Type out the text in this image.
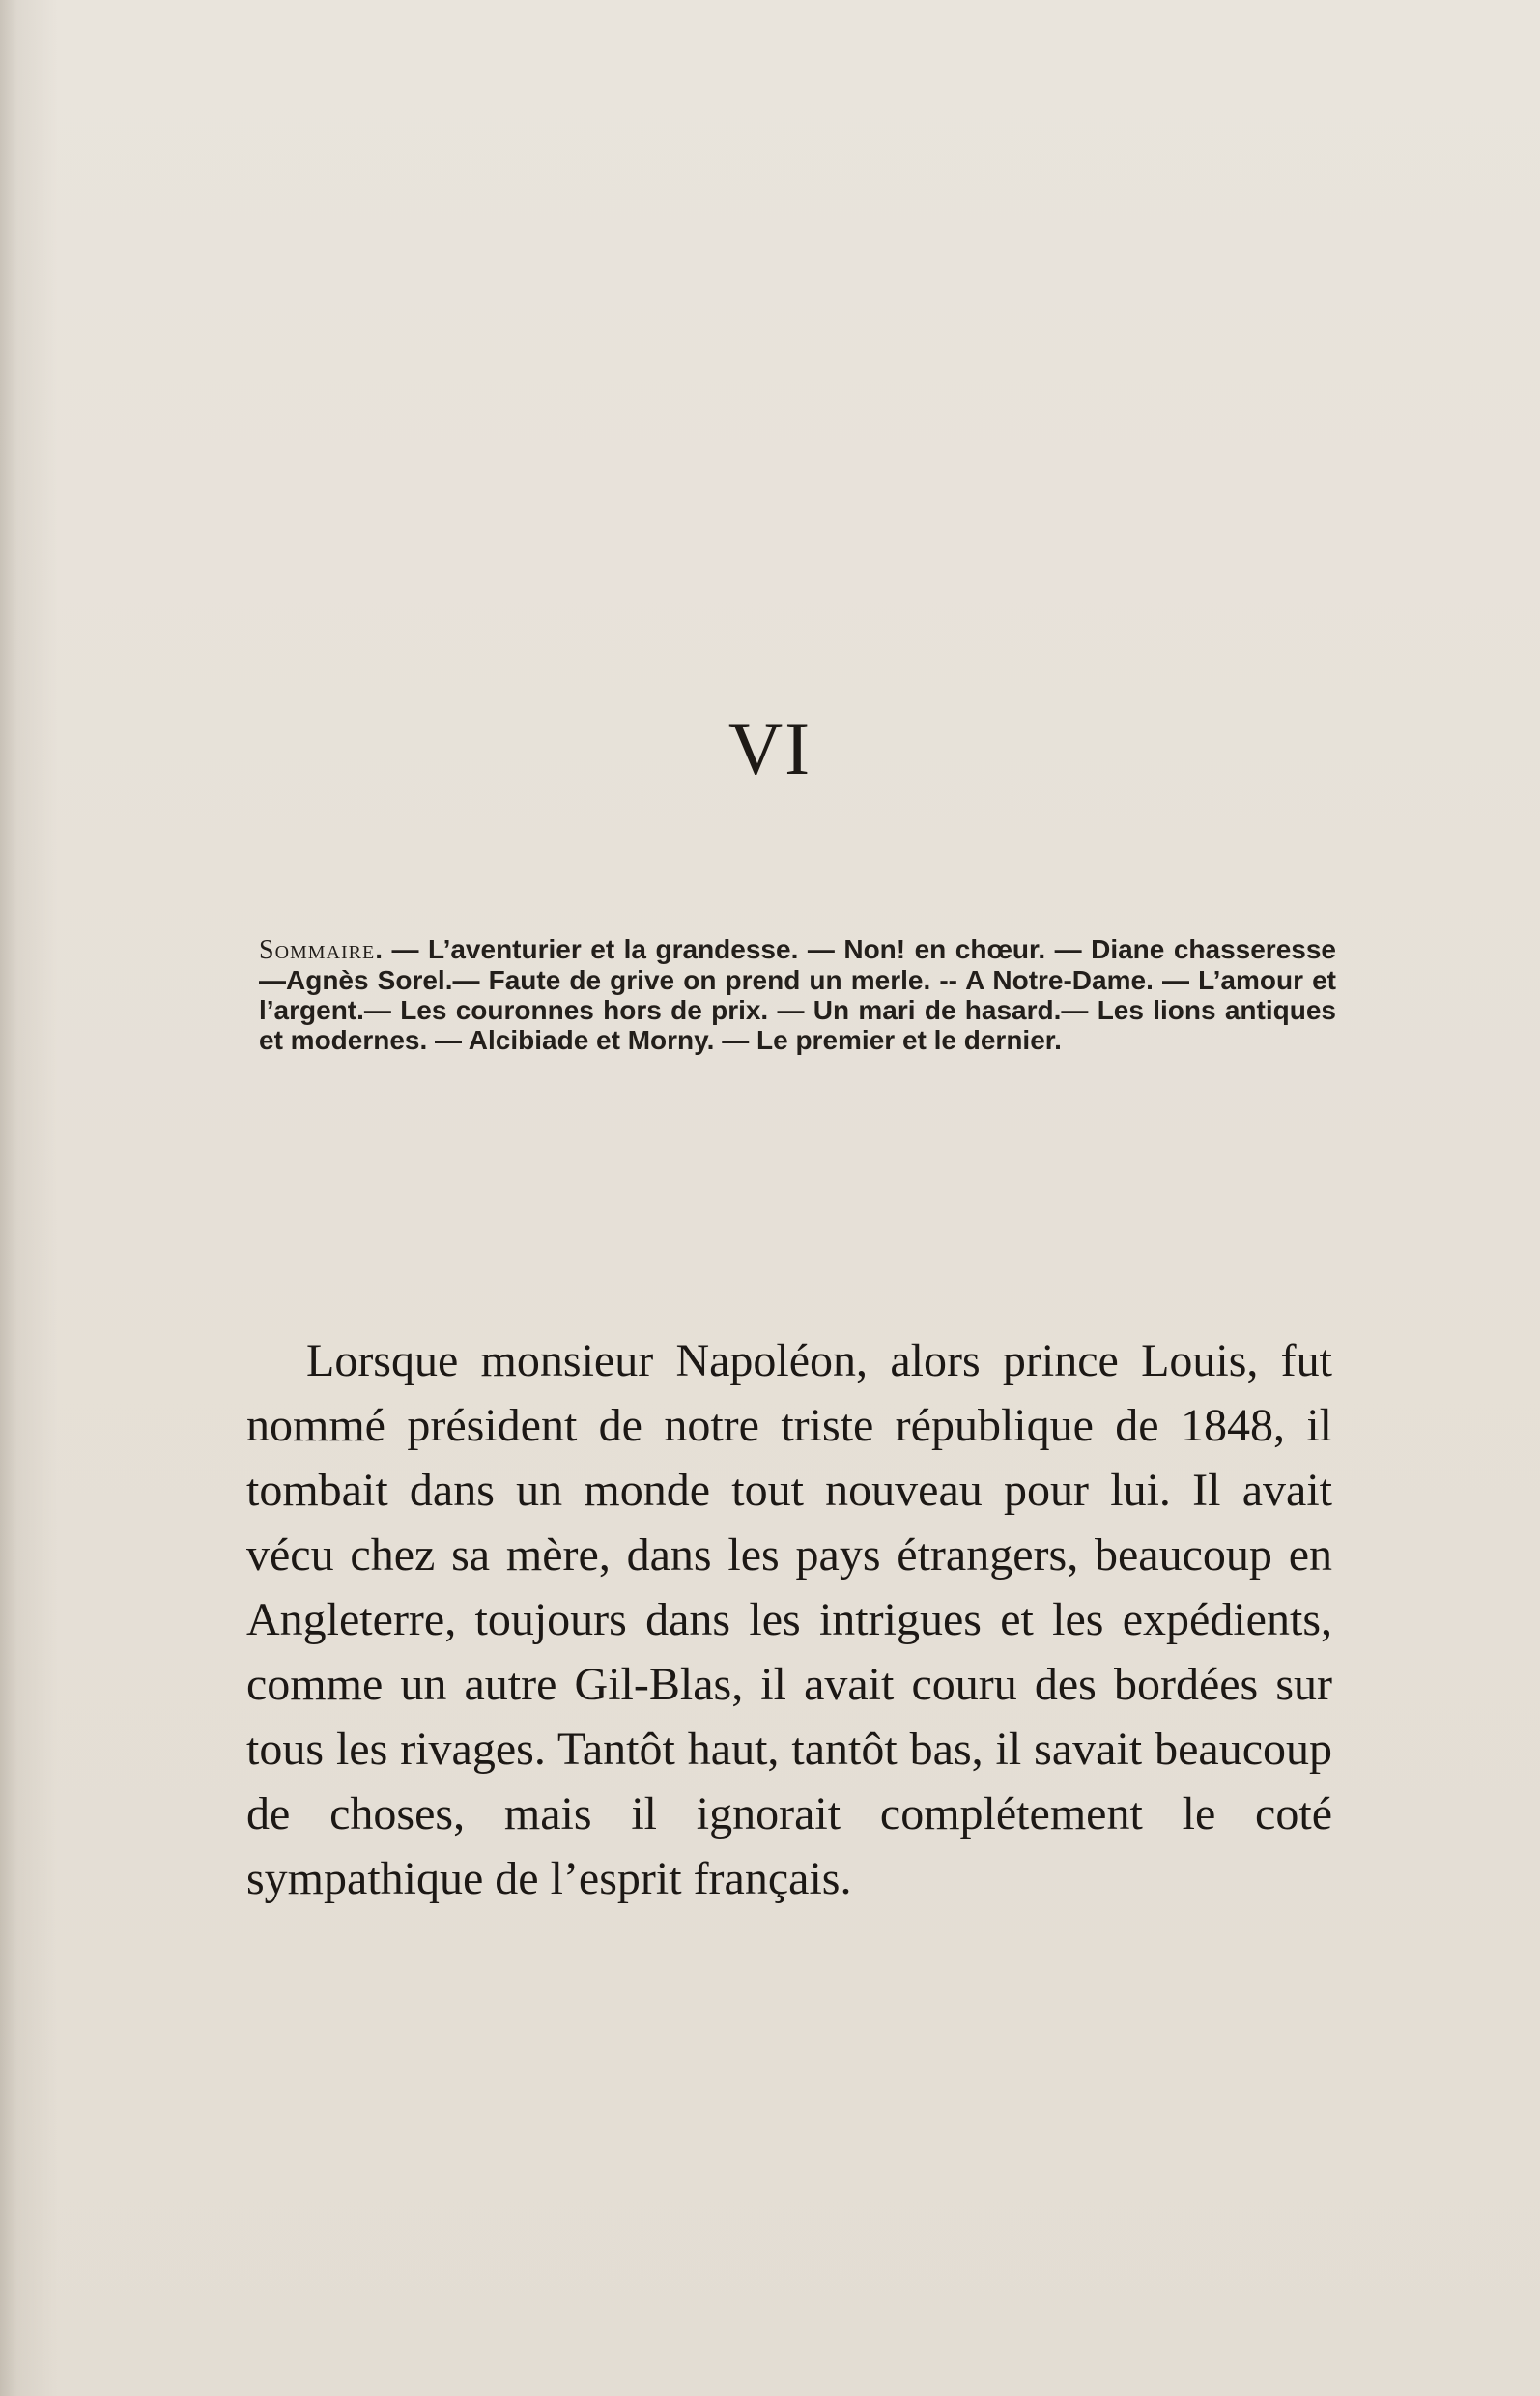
VI
Sommaire. — L’aventurier et la grandesse. — Non! en chœur. — Diane chasseresse —Agnès Sorel.— Faute de grive on prend un merle. -- A Notre-Dame. — L’amour et l’argent.— Les couronnes hors de prix. — Un mari de hasard.— Les lions antiques et modernes. — Alcibiade et Morny. — Le premier et le dernier.
Lorsque monsieur Napoléon, alors prince Louis, fut nommé président de notre triste république de 1848, il tombait dans un monde tout nouveau pour lui. Il avait vécu chez sa mère, dans les pays étrangers, beaucoup en Angleterre, toujours dans les intrigues et les expédients, comme un autre Gil-Blas, il avait couru des bordées sur tous les rivages. Tantôt haut, tantôt bas, il savait beaucoup de choses, mais il ignorait complétement le coté sympathique de l’esprit français.
